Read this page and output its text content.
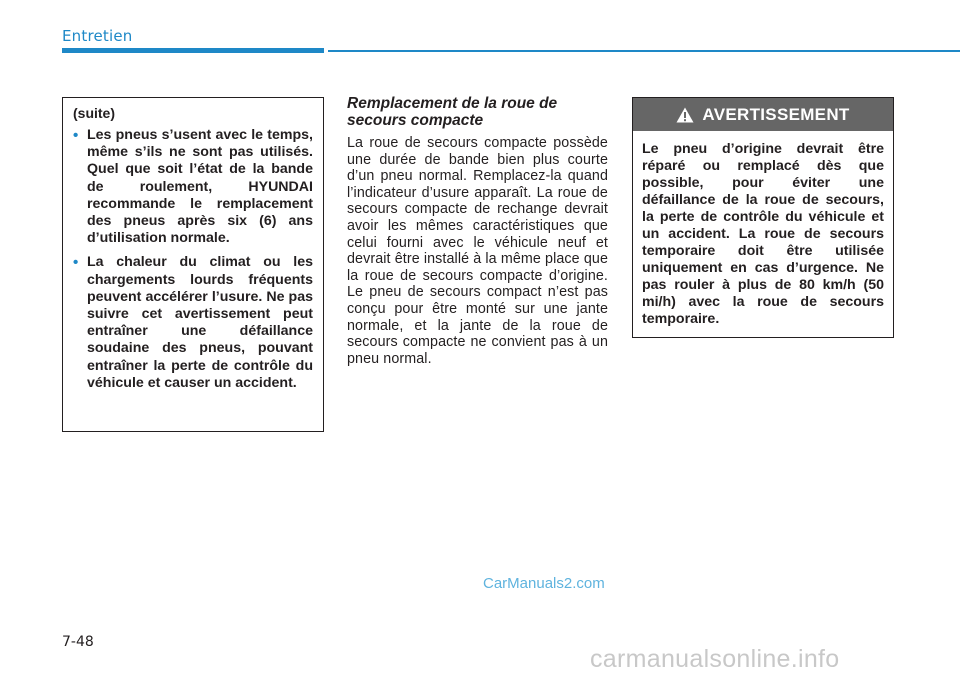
Entretien

(suite)

• Les pneus s’usent avec le temps, même s’ils ne sont pas utilisés. Quel que soit l’état de la bande de roulement, HYUNDAI recommande le remplacement des pneus après six (6) ans d’utilisation normale.
• La chaleur du climat ou les chargements lourds fréquents peuvent accélérer l’usure. Ne pas suivre cet avertissement peut entraîner une défaillance soudaine des pneus, pouvant entraîner la perte de contrôle du véhicule et causer un accident.
Remplacement de la roue de secours compacte

La roue de secours compacte possède une durée de bande bien plus courte d’un pneu normal. Remplacez-la quand l’indicateur d’usure apparaît. La roue de secours compacte de rechange devrait avoir les mêmes caractéristiques que celui fourni avec le véhicule neuf et devrait être installé à la même place que la roue de secours compacte d’origine. Le pneu de secours compact n’est pas conçu pour être monté sur une jante normale, et la jante de la roue de secours compacte ne convient pas à un pneu normal.

AVERTISSEMENT
Le pneu d’origine devrait être réparé ou remplacé dès que possible, pour éviter une défaillance de la roue de secours, la perte de contrôle du véhicule et un accident. La roue de secours temporaire doit être utilisée uniquement en cas d’urgence. Ne pas rouler à plus de 80 km/h (50 mi/h) avec la roue de secours temporaire.
CarManuals2.com
7-48
carmanualsonline.info
